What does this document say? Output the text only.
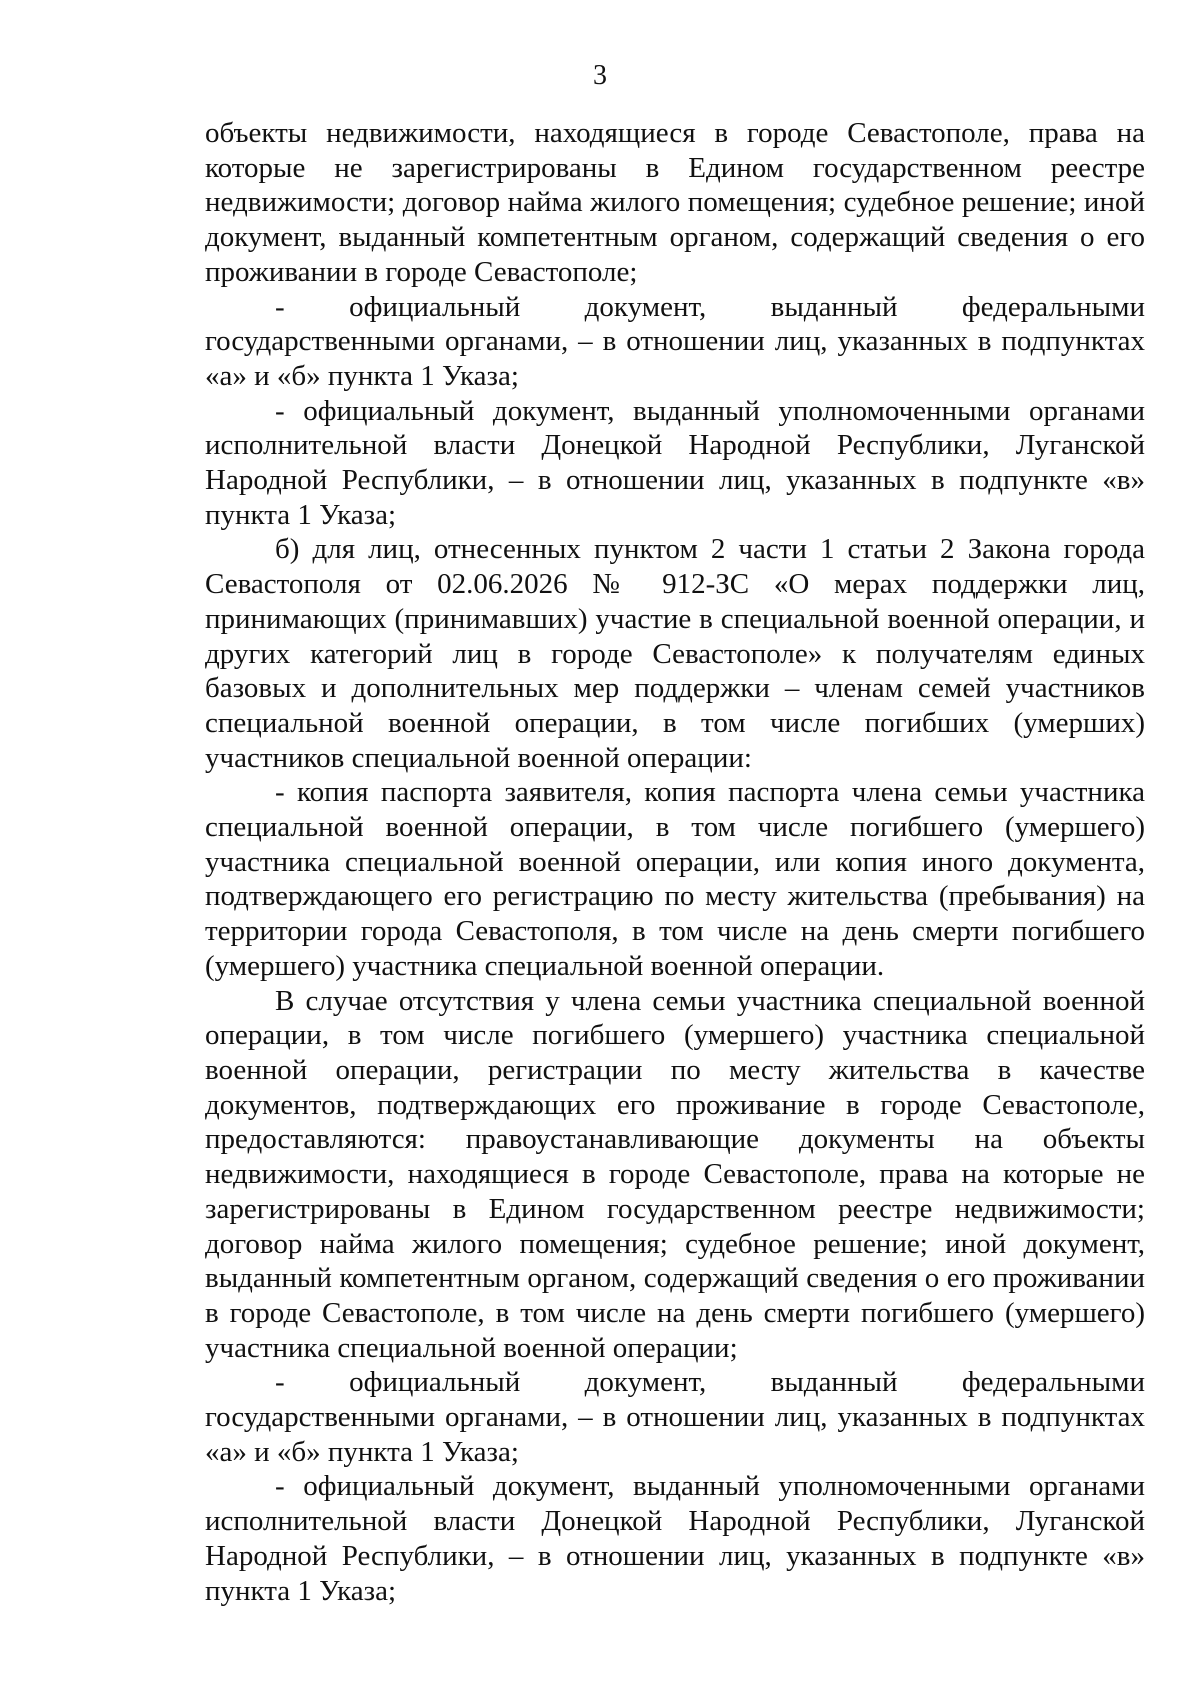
3

объекты недвижимости, находящиеся в городе Севастополе, права на которые не зарегистрированы в Едином государственном реестре недвижимости; договор найма жилого помещения; судебное решение; иной документ, выданный компетентным органом, содержащий сведения о его проживании в городе Севастополе;

- официальный документ, выданный федеральными государственными органами, – в отношении лиц, указанных в подпунктах «а» и «б» пункта 1 Указа;

- официальный документ, выданный уполномоченными органами исполнительной власти Донецкой Народной Республики, Луганской Народной Республики, – в отношении лиц, указанных в подпункте «в» пункта 1 Указа;

б) для лиц, отнесенных пунктом 2 части 1 статьи 2 Закона города Севастополя от 02.06.2026 № 912-ЗС «О мерах поддержки лиц, принимающих (принимавших) участие в специальной военной операции, и других категорий лиц в городе Севастополе» к получателям единых базовых и дополнительных мер поддержки – членам семей участников специальной военной операции, в том числе погибших (умерших) участников специальной военной операции:

- копия паспорта заявителя, копия паспорта члена семьи участника специальной военной операции, в том числе погибшего (умершего) участника специальной военной операции, или копия иного документа, подтверждающего его регистрацию по месту жительства (пребывания) на территории города Севастополя, в том числе на день смерти погибшего (умершего) участника специальной военной операции.

В случае отсутствия у члена семьи участника специальной военной операции, в том числе погибшего (умершего) участника специальной военной операции, регистрации по месту жительства в качестве документов, подтверждающих его проживание в городе Севастополе, предоставляются: правоустанавливающие документы на объекты недвижимости, находящиеся в городе Севастополе, права на которые не зарегистрированы в Едином государственном реестре недвижимости; договор найма жилого помещения; судебное решение; иной документ, выданный компетентным органом, содержащий сведения о его проживании в городе Севастополе, в том числе на день смерти погибшего (умершего) участника специальной военной операции;

- официальный документ, выданный федеральными государственными органами, – в отношении лиц, указанных в подпунктах «а» и «б» пункта 1 Указа;

- официальный документ, выданный уполномоченными органами исполнительной власти Донецкой Народной Республики, Луганской Народной Республики, – в отношении лиц, указанных в подпункте «в» пункта 1 Указа;
